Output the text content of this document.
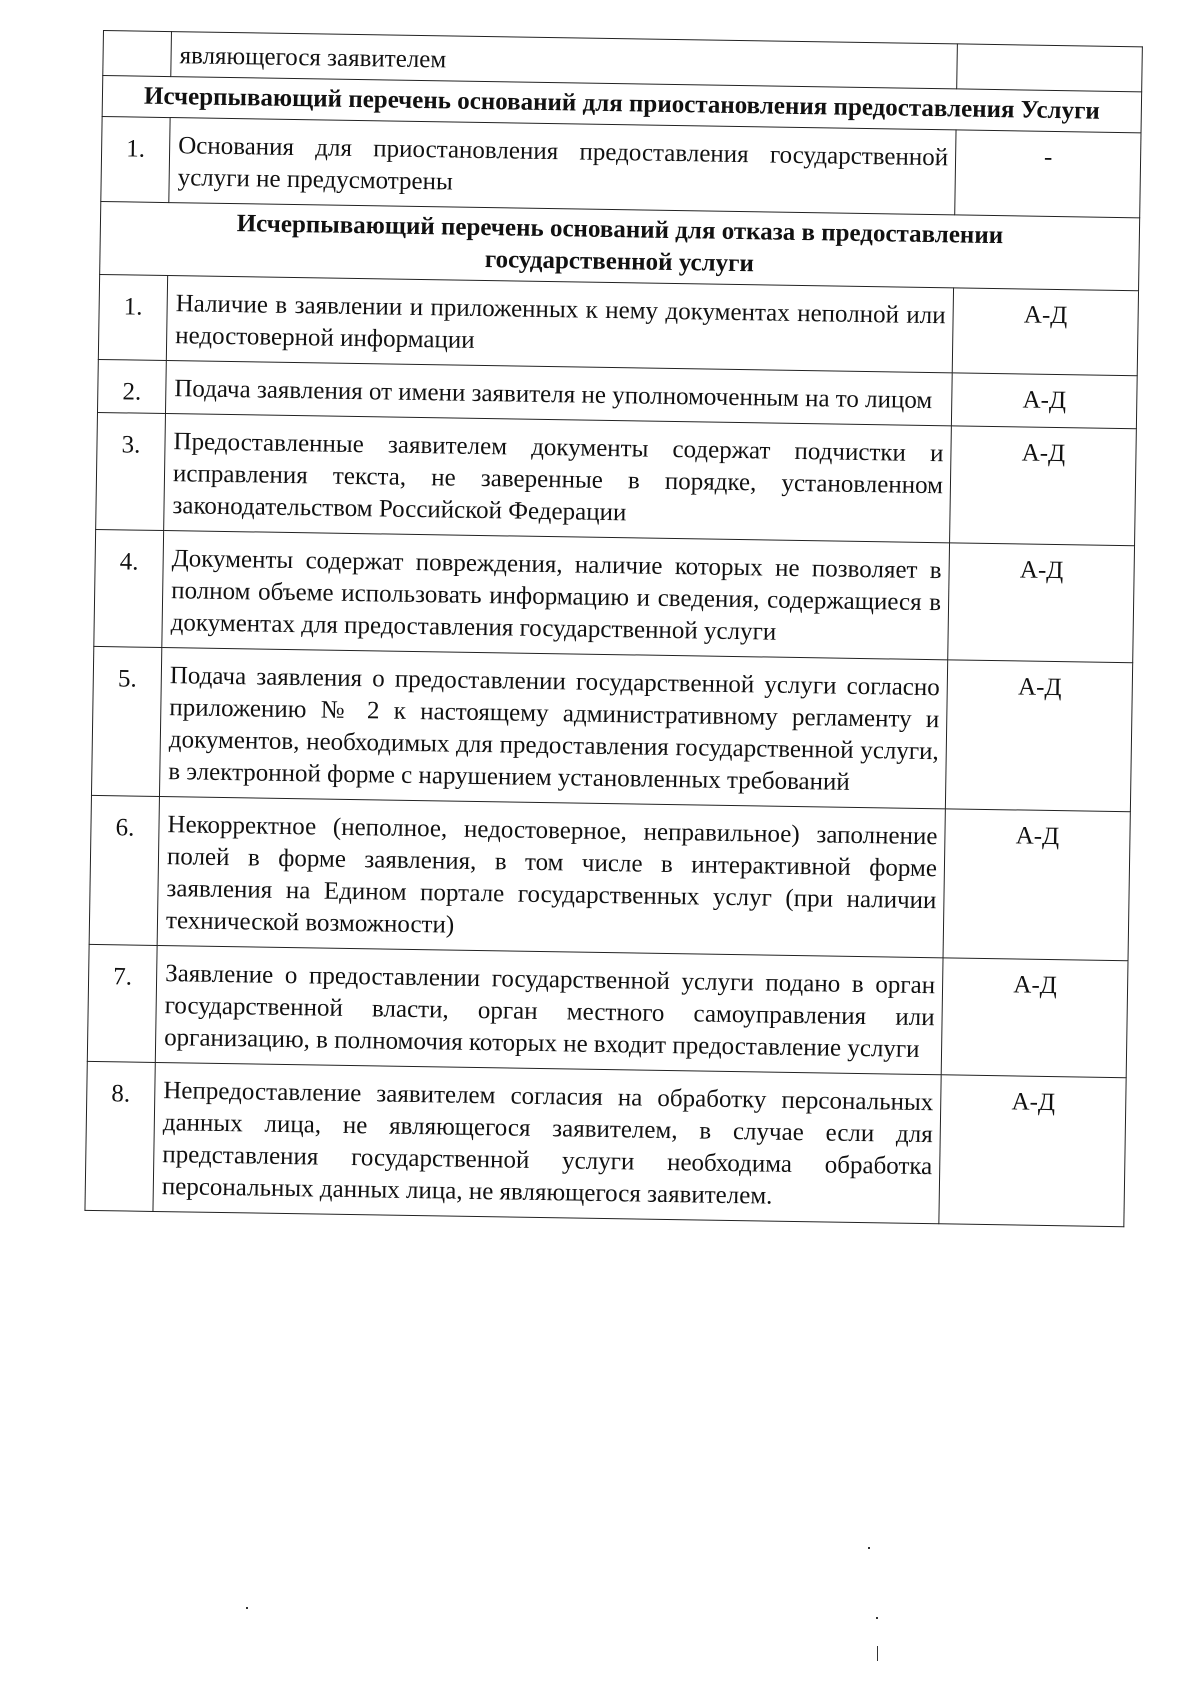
	являющегося заявителем	
Исчерпывающий перечень оснований для приостановления предоставления Услуги		
1.	Основания для приостановления предоставления государственной услуги не предусмотрены	-
Исчерпывающий перечень оснований для отказа в предоставлении государственной услуги		
1.	Наличие в заявлении и приложенных к нему документах неполной или недостоверной информации	А-Д
2.	Подача заявления от имени заявителя не уполномоченным на то лицом	А-Д
3.	Предоставленные заявителем документы содержат подчистки и исправления текста, не заверенные в порядке, установленном законодательством Российской Федерации	А-Д
4.	Документы содержат повреждения, наличие которых не позволяет в полном объеме использовать информацию и сведения, содержащиеся в документах для предоставления государственной услуги	А-Д
5.	Подача заявления о предоставлении государственной услуги согласно приложению № 2 к настоящему административному регламенту и документов, необходимых для предоставления государственной услуги, в электронной форме с нарушением установленных требований	А-Д
6.	Некорректное (неполное, недостоверное, неправильное) заполнение полей в форме заявления, в том числе в интерактивной форме заявления на Едином портале государственных услуг (при наличии технической возможности)	А-Д
7.	Заявление о предоставлении государственной услуги подано в орган государственной власти, орган местного самоуправления или организацию, в полномочия которых не входит предоставление услуги	А-Д
8.	Непредоставление заявителем согласия на обработку персональных данных лица, не являющегося заявителем, в случае если для представления государственной услуги необходима обработка персональных данных лица, не являющегося заявителем.	А-Д
